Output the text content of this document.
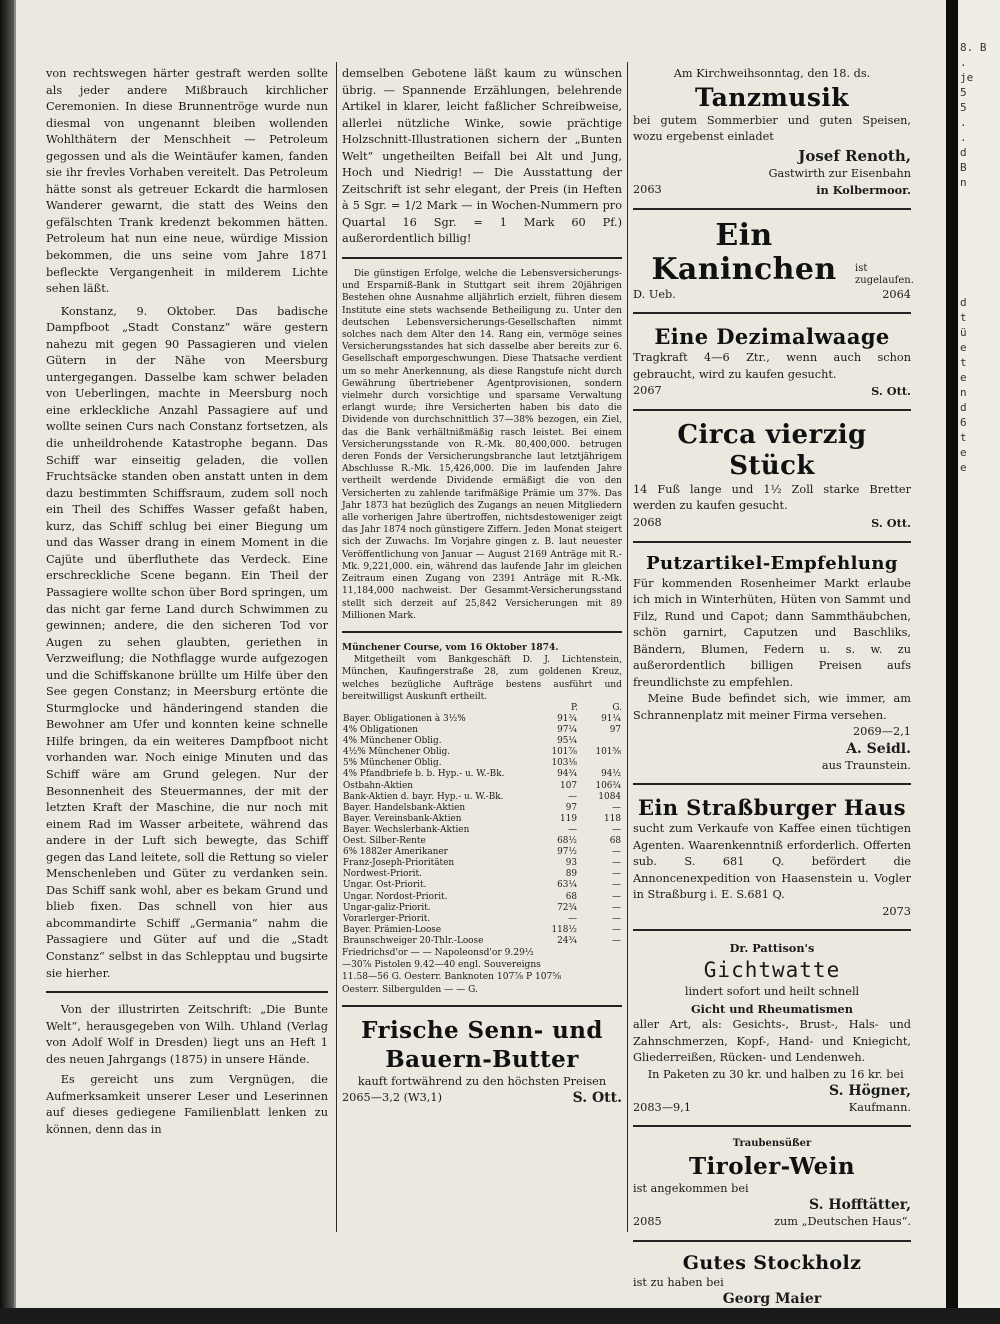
von rechtswegen härter gestraft werden sollte als jeder andere Mißbrauch kirchlicher Ceremonien. In diese Brunnentröge wurde nun diesmal von ungenannt bleiben wollenden Wohlthätern der Menschheit — Petroleum gegossen und als die Weintäufer kamen, fanden sie ihr frevles Vorhaben vereitelt. Das Petroleum hätte sonst als getreuer Eckardt die harmlosen Wanderer gewarnt, die statt des Weins den gefälschten Trank kredenzt bekommen hätten. Petroleum hat nun eine neue, würdige Mission bekommen, die uns seine vom Jahre 1871 befleckte Vergangenheit in milderem Lichte sehen läßt.

Konstanz, 9. Oktober. Das badische Dampfboot „Stadt Constanz“ wäre gestern nahezu mit gegen 90 Passagieren und vielen Gütern in der Nähe von Meersburg untergegangen. Dasselbe kam schwer beladen von Ueberlingen, machte in Meersburg noch eine erkleckliche Anzahl Passagiere auf und wollte seinen Curs nach Constanz fortsetzen, als die unheildrohende Katastrophe begann. Das Schiff war einseitig geladen, die vollen Fruchtsäcke standen oben anstatt unten in dem dazu bestimmten Schiffsraum, zudem soll noch ein Theil des Schiffes Wasser gefaßt haben, kurz, das Schiff schlug bei einer Biegung um und das Wasser drang in einem Moment in die Cajüte und überfluthete das Verdeck. Eine erschreckliche Scene begann. Ein Theil der Passagiere wollte schon über Bord springen, um das nicht gar ferne Land durch Schwimmen zu gewinnen; andere, die den sicheren Tod vor Augen zu sehen glaubten, geriethen in Verzweiflung; die Nothflagge wurde aufgezogen und die Schiffskanone brüllte um Hilfe über den See gegen Constanz; in Meersburg ertönte die Sturmglocke und händeringend standen die Bewohner am Ufer und konnten keine schnelle Hilfe bringen, da ein weiteres Dampfboot nicht vorhanden war. Noch einige Minuten und das Schiff wäre am Grund gelegen. Nur der Besonnenheit des Steuermannes, der mit der letzten Kraft der Maschine, die nur noch mit einem Rad im Wasser arbeitete, während das andere in der Luft sich bewegte, das Schiff gegen das Land leitete, soll die Rettung so vieler Menschenleben und Güter zu verdanken sein. Das Schiff sank wohl, aber es bekam Grund und blieb fixen. Das schnell von hier aus abcommandirte Schiff „Germania“ nahm die Passagiere und Güter auf und die „Stadt Constanz“ selbst in das Schlepptau und bugsirte sie hierher.

Von der illustrirten Zeitschrift: „Die Bunte Welt“, herausgegeben von Wilh. Uhland (Verlag von Adolf Wolf in Dresden) liegt uns an Heft 1 des neuen Jahrgangs (1875) in unsere Hände.

Es gereicht uns zum Vergnügen, die Aufmerksamkeit unserer Leser und Leserinnen auf dieses gediegene Familienblatt lenken zu können, denn das in

demselben Gebotene läßt kaum zu wünschen übrig. — Spannende Erzählungen, belehrende Artikel in klarer, leicht faßlicher Schreibweise, allerlei nützliche Winke, sowie prächtige Holzschnitt-Illustrationen sichern der „Bunten Welt“ ungetheilten Beifall bei Alt und Jung, Hoch und Niedrig! — Die Ausstattung der Zeitschrift ist sehr elegant, der Preis (in Heften à 5 Sgr. = 1/2 Mark — in Wochen-Nummern pro Quartal 16 Sgr. = 1 Mark 60 Pf.) außerordentlich billig!

Die günstigen Erfolge, welche die Lebensversicherungs- und Ersparniß-Bank in Stuttgart seit ihrem 20jährigen Bestehen ohne Ausnahme alljährlich erzielt, führen diesem Institute eine stets wachsende Betheiligung zu. Unter den deutschen Lebensversicherungs-Gesellschaften nimmt solches nach dem Alter den 14. Rang ein, vermöge seines Versicherungsstandes hat sich dasselbe aber bereits zur 6. Gesellschaft emporgeschwungen. Diese Thatsache verdient um so mehr Anerkennung, als diese Rangstufe nicht durch Gewährung übertriebener Agentprovisionen, sondern vielmehr durch vorsichtige und sparsame Verwaltung erlangt wurde; ihre Versicherten haben bis dato die Dividende von durchschnittlich 37—38% bezogen, ein Ziel, das die Bank verhältnißmäßig rasch leistet. Bei einem Versicherungsstande von R.-Mk. 80,400,000. betrugen deren Fonds der Versicherungsbranche laut letztjährigem Abschlusse R.-Mk. 15,426,000. Die im laufenden Jahre vertheilt werdende Dividende ermäßigt die von den Versicherten zu zahlende tarifmäßige Prämie um 37%. Das Jahr 1873 hat bezüglich des Zugangs an neuen Mitgliedern alle vorherigen Jahre übertroffen, nichtsdestoweniger zeigt das Jahr 1874 noch günstigere Ziffern. Jeden Monat steigert sich der Zuwachs. Im Vorjahre gingen z. B. laut neuester Veröffentlichung von Januar — August 2169 Anträge mit R.-Mk. 9,221,000. ein, während das laufende Jahr im gleichen Zeitraum einen Zugang von 2391 Anträge mit R.-Mk. 11,184,000 nachweist. Der Gesammt-Versicherungsstand stellt sich derzeit auf 25,842 Versicherungen mit 89 Millionen Mark.

Münchener Course, vom 16 Oktober 1874.

Mitgetheilt vom Bankgeschäft D. J. Lichtenstein, München, Kaufingerstraße 28, zum goldenen Kreuz, welches bezügliche Aufträge bestens ausführt und bereitwilligst Auskunft ertheilt.

	P.	G.
Bayer. Obligationen à 3½%	91¾	91¼
4% Obligationen	97¼	97
4% Münchener Oblig.	95¼	
4½% Münchener Oblig.	101⅞	101⅝
5% Münchener Oblig.	103⅛	
4% Pfandbriefe b. b. Hyp.- u. W.-Bk.	94¾	94½
Ostbahn-Aktien	107	106¾
Bank-Aktien d. bayr. Hyp.- u. W.-Bk.	—	1084
Bayer. Handelsbank-Aktien	97	—
Bayer. Vereinsbank-Aktien	119	118
Bayer. Wechslerbank-Aktien	—	—
Oest. Silber-Rente	68½	68
6% 1882er Amerikaner	97½	—
Franz-Joseph-Prioritäten	93	—
Nordwest-Priorit.	89	—
Ungar. Ost-Priorit.	63¼	—
Ungar. Nordost-Priorit.	68	—
Ungar-galiz-Priorit.	72¾	—
Vorarlerger-Priorit.	—	—
Bayer. Prämien-Loose	118½	—
Braunschweiger 20-Thlr.-Loose	24¾	—

Friedrichsd'or — — Napoleonsd'or 9.29½

—30⅞ Pistolen 9.42—40 engl. Souvereigns

11.58—56 G. Oesterr. Banknoten 107⅞ P 107⅝

Oesterr. Silbergulden — — G.

Frische Senn- und Bauern-Butter

kauft fortwährend zu den höchsten Preisen

2065—3,2 (W3,1)	S. Ott.

Am Kirchweihsonntag, den 18. ds.

Tanzmusik

bei gutem Sommerbier und guten Speisen, wozu ergebenst einladet

Josef Renoth,

Gastwirth zur Eisenbahn

2063	in Kolbermoor.
Ein Kaninchen	ist zugelaufen.
D. Ueb.	2064

Eine Dezimalwaage

Tragkraft 4—6 Ztr., wenn auch schon gebraucht, wird zu kaufen gesucht.

2067	S. Ott.

Circa vierzig Stück

14 Fuß lange und 1½ Zoll starke Bretter werden zu kaufen gesucht.

2068	S. Ott.

Putzartikel-Empfehlung

Für kommenden Rosenheimer Markt erlaube ich mich in Winterhüten, Hüten von Sammt und Filz, Rund und Capot; dann Sammthäubchen, schön garnirt, Caputzen und Baschliks, Bändern, Blumen, Federn u. s. w. zu außerordentlich billigen Preisen aufs freundlichste zu empfehlen.

Meine Bude befindet sich, wie immer, am Schrannenplatz mit meiner Firma versehen.

2069—2,1

A. Seidl.

aus Traunstein.

Ein Straßburger Haus

sucht zum Verkaufe von Kaffee einen tüchtigen Agenten. Waarenkenntniß erforderlich. Offerten sub. S. 681 Q. befördert die Annoncenexpedition von Haasenstein u. Vogler in Straßburg i. E. S.681 Q.

2073

Dr. Pattison's

Gichtwatte

lindert sofort und heilt schnell

Gicht und Rheumatismen

aller Art, als: Gesichts-, Brust-, Hals- und Zahnschmerzen, Kopf-, Hand- und Kniegicht, Gliederreißen, Rücken- und Lendenweh.

In Paketen zu 30 kr. und halben zu 16 kr. bei

S. Högner,

2083—9,1	Kaufmann.

Traubensüßer

Tiroler-Wein

ist angekommen bei

S. Hofftätter,

2085	zum „Deutschen Haus“.

Gutes Stockholz

ist zu haben bei

Georg Maier

2087	in Irlach bei Halfing.
8. B
.
je
5
5
.
.
d
B
n

d
t
ü
e
t
e
n
d
6
t
e
e
